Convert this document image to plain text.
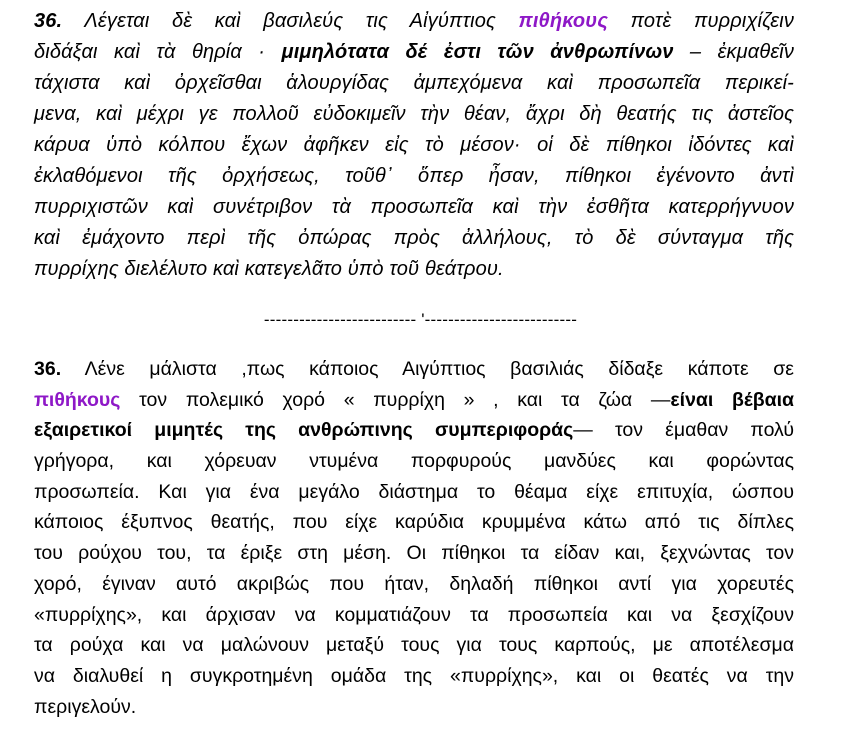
36. Λέγεται δὲ καὶ βασιλεύς τις Αἰγύπτιος πιθήκους ποτὲ πυρριχίζειν
διδάξαι καὶ τὰ θηρία · μιμηλότατα δέ ἐστι τῶν ἀνθρωπίνων – ἐκμαθεῖν
τάχιστα καὶ ὀρχεῖσθαι ἁλουργίδας ἀμπεχόμενα καὶ προσωπεῖα περικεί-
μενα, καὶ μέχρι γε πολλοῦ εὐδοκιμεῖν τὴν θέαν, ἄχρι δὴ θεατής τις ἀστεῖος
κάρυα ὑπὸ κόλπου ἔχων ἀφῆκεν εἰς τὸ μέσον· οἱ δὲ πίθηκοι ἰδόντες καὶ
ἐκλαθόμενοι τῆς ὀρχήσεως, τοῦθ᾽ ὅπερ ἦσαν, πίθηκοι ἐγένοντο ἀντὶ
πυρριχιστῶν καὶ συνέτριβον τὰ προσωπεῖα καὶ τὴν ἐσθῆτα κατερρήγνυον
καὶ ἐμάχοντο περὶ τῆς ὀπώρας πρὸς ἀλλήλους, τὸ δὲ σύνταγμα τῆς
πυρρίχης διελέλυτο καὶ κατεγελᾶτο ὑπὸ τοῦ θεάτρου.
-------------------------- '--------------------------
36. Λένε μάλιστα ,πως κάποιος Αιγύπτιος βασιλιάς δίδαξε κάποτε σε
πιθήκους τον πολεμικό χορό « πυρρίχη » , και τα ζώα —είναι βέβαια
εξαιρετικοί μιμητές της ανθρώπινης συμπεριφοράς— τον έμαθαν πολύ
γρήγορα, και χόρευαν ντυμένα πορφυρούς μανδύες και φορώντας
προσωπεία. Και για ένα μεγάλο διάστημα το θέαμα είχε επιτυχία, ώσπου
κάποιος έξυπνος θεατής, που είχε καρύδια κρυμμένα κάτω από τις δίπλες
του ρούχου του, τα έριξε στη μέση. Οι πίθηκοι τα είδαν και, ξεχνώντας τον
χορό, έγιναν αυτό ακριβώς που ήταν, δηλαδή πίθηκοι αντί για χορευτές
«πυρρίχης», και άρχισαν να κομματιάζουν τα προσωπεία και να ξεσχίζουν
τα ρούχα και να μαλώνουν μεταξύ τους για τους καρπούς, με αποτέλεσμα
να διαλυθεί η συγκροτημένη ομάδα της «πυρρίχης», και οι θεατές να την
περιγελούν.
